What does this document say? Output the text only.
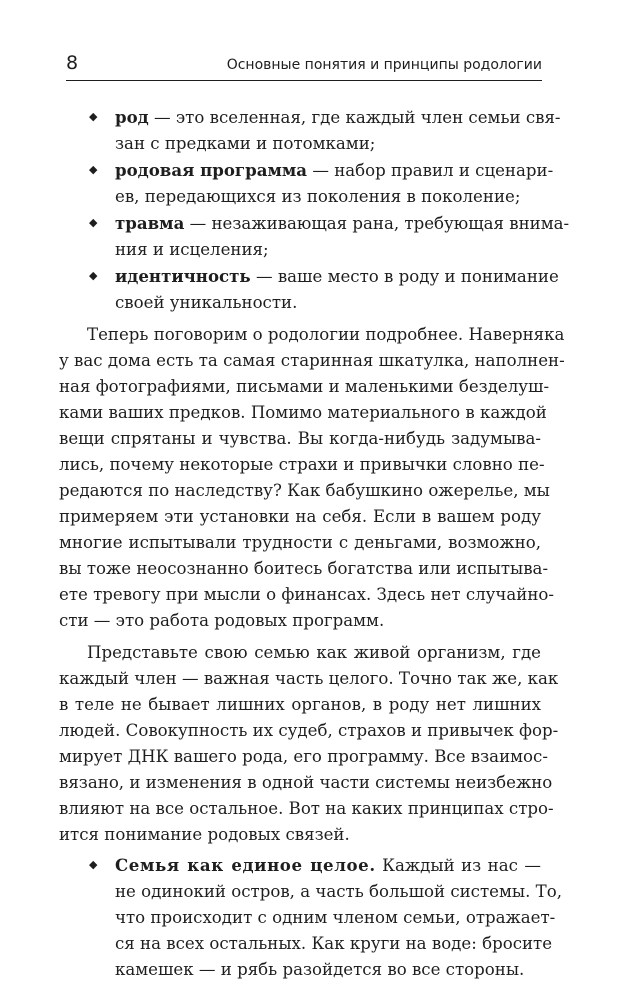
8	Основные понятия и принципы родологии
◆ род — это вселенная, где каждый член семьи свя-
зан с предками и потомками;
◆ родовая программа — набор правил и сценари-
ев, передающихся из поколения в поколение;
◆ травма — незаживающая рана, требующая внима-
ния и исцеления;
◆ идентичность — ваше место в роду и понимание
своей уникальности.
Теперь поговорим о родологии подробнее. Наверняка
у вас дома есть та самая старинная шкатулка, наполнен-
ная фотографиями, письмами и маленькими безделуш-
ками ваших предков. Помимо материального в каждой
вещи спрятаны и чувства. Вы когда-нибудь задумыва-
лись, почему некоторые страхи и привычки словно пе-
редаются по наследству? Как бабушкино ожерелье, мы
примеряем эти установки на себя. Если в вашем роду
многие испытывали трудности с деньгами, возможно,
вы тоже неосознанно боитесь богатства или испытыва-
ете тревогу при мысли о финансах. Здесь нет случайно-
сти — это работа родовых программ.
Представьте свою семью как живой организм, где
каждый член — важная часть целого. Точно так же, как
в теле не бывает лишних органов, в роду нет лишних
людей. Совокупность их судеб, страхов и привычек фор-
мирует ДНК вашего рода, его программу. Все взаимос-
вязано, и изменения в одной части системы неизбежно
влияют на все остальное. Вот на каких принципах стро-
ится понимание родовых связей.
◆ Семья как единое целое. Каждый из нас —
не одинокий остров, а часть большой системы. То,
что происходит с одним членом семьи, отражает-
ся на всех остальных. Как круги на воде: бросите
камешек — и рябь разойдется во все стороны.
